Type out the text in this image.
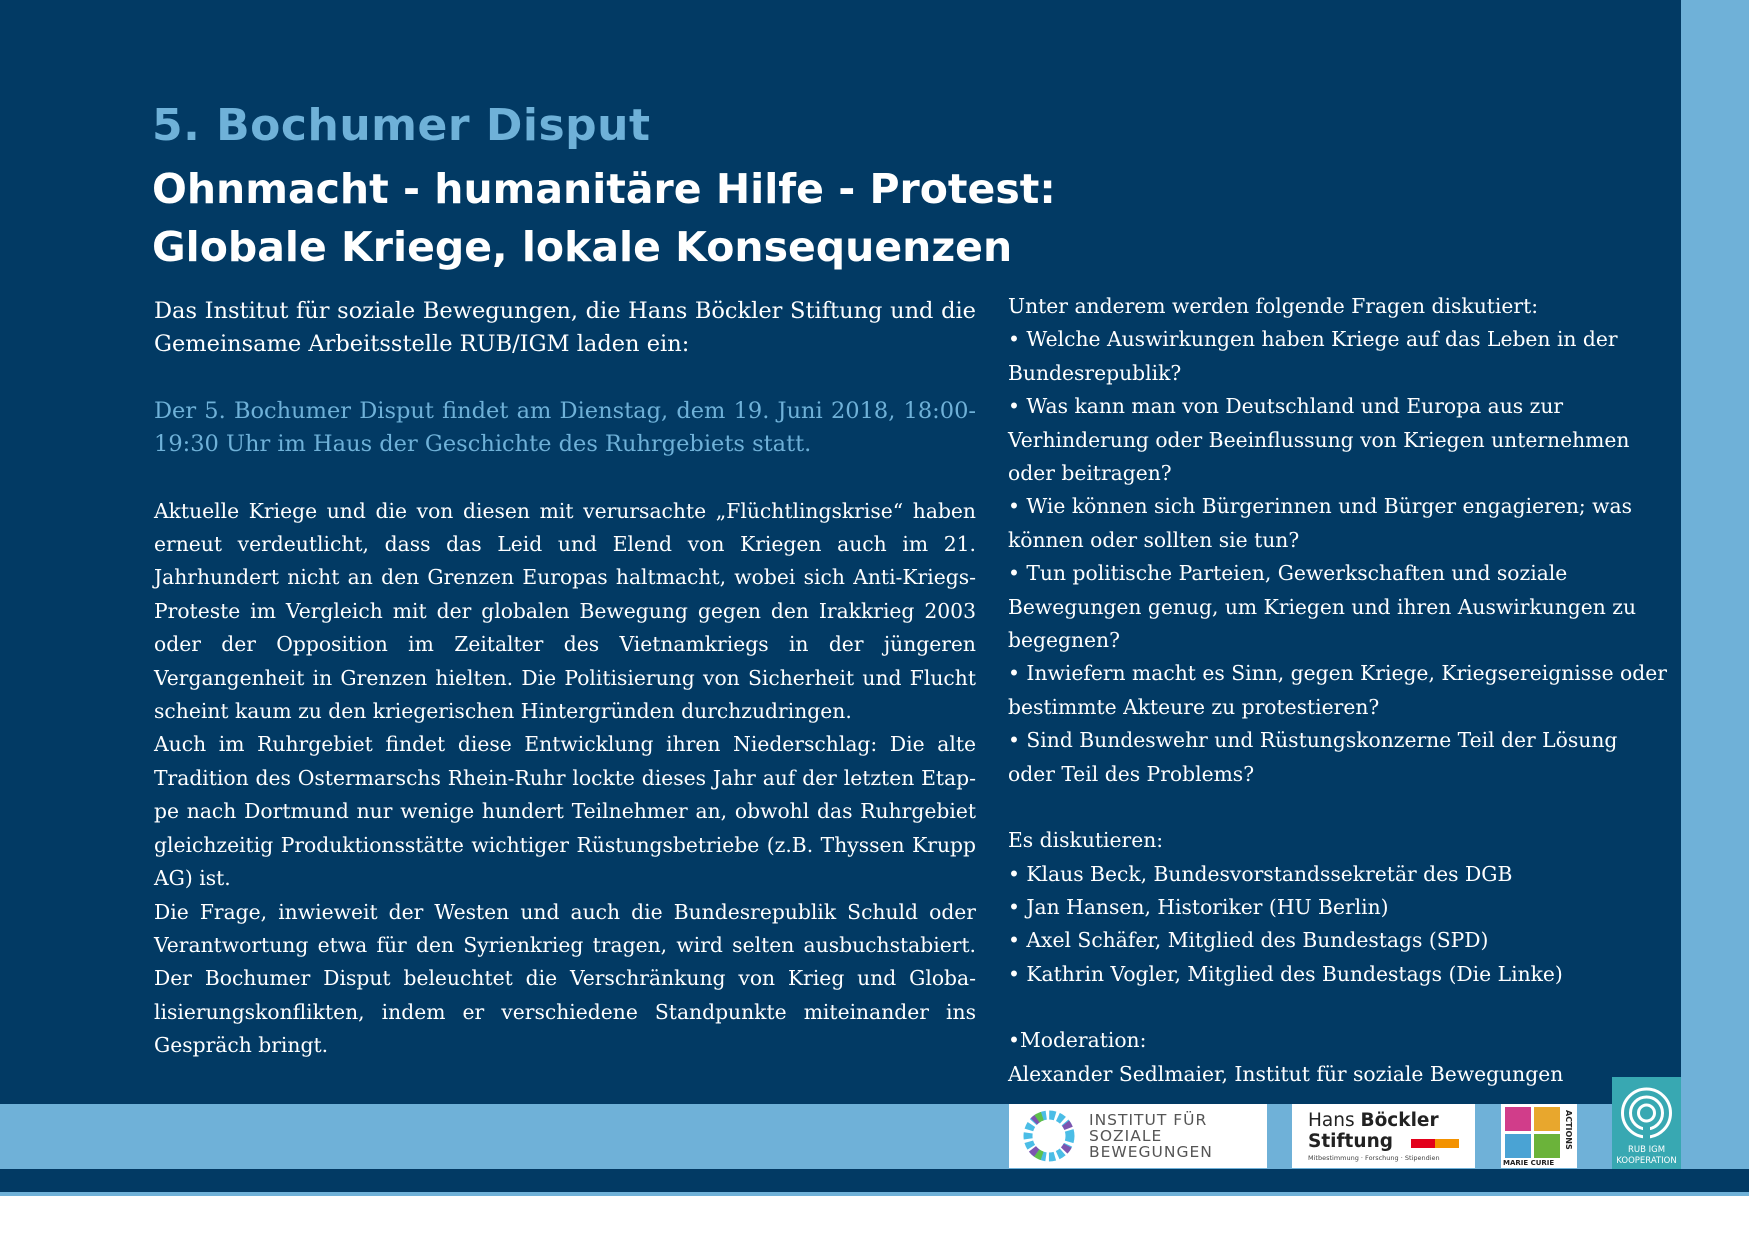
5. Bochumer Disput
Ohnmacht - humanitäre Hilfe - Protest:
Globale Kriege, lokale Konsequenzen

Das Institut für soziale Bewegungen, die Hans Böckler Stiftung und die Gemeinsame Arbeitsstelle RUB/IGM laden ein:

Der 5. Bochumer Disput findet am Dienstag, dem 19. Juni 2018, 18:00-19:30 Uhr im Haus der Geschichte des Ruhrgebiets statt.

Aktuelle Kriege und die von diesen mit verursachte „Flüchtlingskrise“ haben erneut verdeutlicht, dass das Leid und Elend von Kriegen auch im 21. Jahrhundert nicht an den Grenzen Europas haltmacht, wobei sich Anti-Kriegs-Proteste im Vergleich mit der globalen Bewegung gegen den Irakkrieg 2003 oder der Opposition im Zeitalter des Vietnamkriegs in der jüngeren Vergangenheit in Grenzen hielten. Die Politisierung von Sicherheit und Flucht scheint kaum zu den kriegerischen Hintergründen durchzudringen.

Auch im Ruhrgebiet findet diese Entwicklung ihren Niederschlag: Die alte Tradition des Ostermarschs Rhein-Ruhr lockte dieses Jahr auf der letzten Etappe nach Dortmund nur wenige hundert Teilnehmer an, obwohl das Ruhrgebiet gleichzeitig Produktionsstätte wichtiger Rüstungsbetriebe (z.B. Thyssen Krupp AG) ist.

Die Frage, inwieweit der Westen und auch die Bundesrepublik Schuld oder Verantwortung etwa für den Syrienkrieg tragen, wird selten ausbuchstabiert. Der Bochumer Disput beleuchtet die Verschränkung von Krieg und Globalisierungskonflikten, indem er verschiedene Standpunkte miteinander ins Gespräch bringt.

Unter anderem werden folgende Fragen diskutiert:

• Welche Auswirkungen haben Kriege auf das Leben in der Bundesrepublik?

• Was kann man von Deutschland und Europa aus zur Verhinderung oder Beeinflussung von Kriegen unternehmen oder beitragen?

• Wie können sich Bürgerinnen und Bürger engagieren; was können oder sollten sie tun?

• Tun politische Parteien, Gewerkschaften und soziale Bewegungen genug, um Kriegen und ihren Auswirkungen zu begegnen?

• Inwiefern macht es Sinn, gegen Kriege, Kriegsereignisse oder bestimmte Akteure zu protestieren?

• Sind Bundeswehr und Rüstungskonzerne Teil der Lösung oder Teil des Problems?

Es diskutieren:

• Klaus Beck, Bundesvorstandssekretär des DGB

• Jan Hansen, Historiker (HU Berlin)

• Axel Schäfer, Mitglied des Bundestags (SPD)

• Kathrin Vogler, Mitglied des Bundestags (Die Linke)

•Moderation:

Alexander Sedlmaier, Institut für soziale Bewegungen

INSTITUT FÜR
SOZIALE
BEWEGUNGEN
Hans Böckler
Stiftung
Mitbestimmung · Forschung · Stipendien
MARIE CURIE
ACTIONS
RUB IGM
KOOPERATION
